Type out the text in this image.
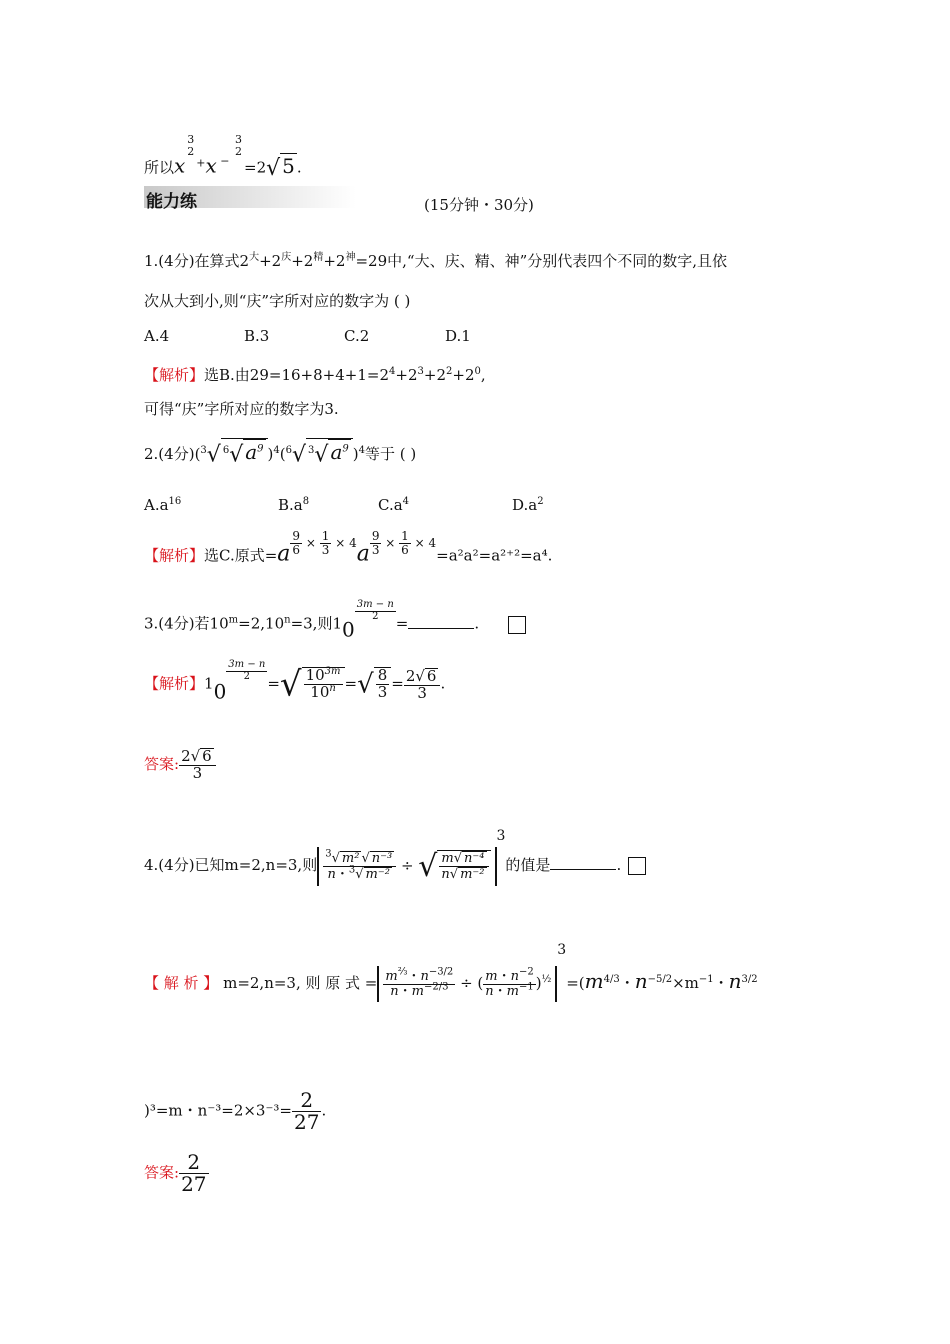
所以x
3
2
+x −
3
2
=2√ 5 .
能力练	(15分钟・30分)
1.(4分)在算式$2^大+2^庆+2^精+2^神=29$中,“大、庆、精、神”分别代表四个不同的数字,且依
次从大到小,则“庆”字所对应的数字为 ( )
A.4	B.3	C.2	D.1
【解析】选B.由$29=16+8+4+1=2^4+2^3+2^2+2^0$,
可得“庆”字所对应的数字为3.
2.(4分)($^3$√ $^6$√ $a^9$ )$^4$($^6$√ $^3$√ $a^9$ )$^4$等于 ( )
$A.a^{16}$	$B.a^8$	$C.a^4$	$D.a^2$
【解析】选C.原式=a $^{\frac{9}{6} \times \frac{1}{3} \times 4}$a $^{\frac{9}{3} \times \frac{1}{6} \times 4}$=a²a²=a²⁺²=a⁴.
3.(4分)若$10^m=2,10^n=3$,则10
$\frac{3m - n}{2}$
=	.
【解析】10
$\frac{3m - n}{2}$
=√ $\frac{10^{3m}}{10^n}$ =√ $\frac{8}{3} = \frac{2√ 6}{3}$ .
答案: $\frac{2√ 6}{3}$
4.(4分)已知m=2,n=3,则 $\frac{^3√ m^2 √ n^{-3}}{n・^3√ m^{-2}}$ ÷ √ $\frac{\text{m√ n⁻⁴}}{\text{n√ m⁻²}}$
$^3$的值是	.
【 解 析 】 m=2,n=3, 则 原 式 = $\frac{m^{\frac{2}{3}}・n^{-3/2}}{n・m^{-2/3}}$ ÷ ( $\frac{m・n^{-2}}{n・m^{-1}} )^{\frac{1}{2}3}=(m^{4/3}$・$n^{-5/2}\times m^{-1}$・$n^{3/2}$
)³=m・$n^{-3}=2\times 3^{-3}= \frac{2}{27}$ .
答案: $\frac{2}{27}$
